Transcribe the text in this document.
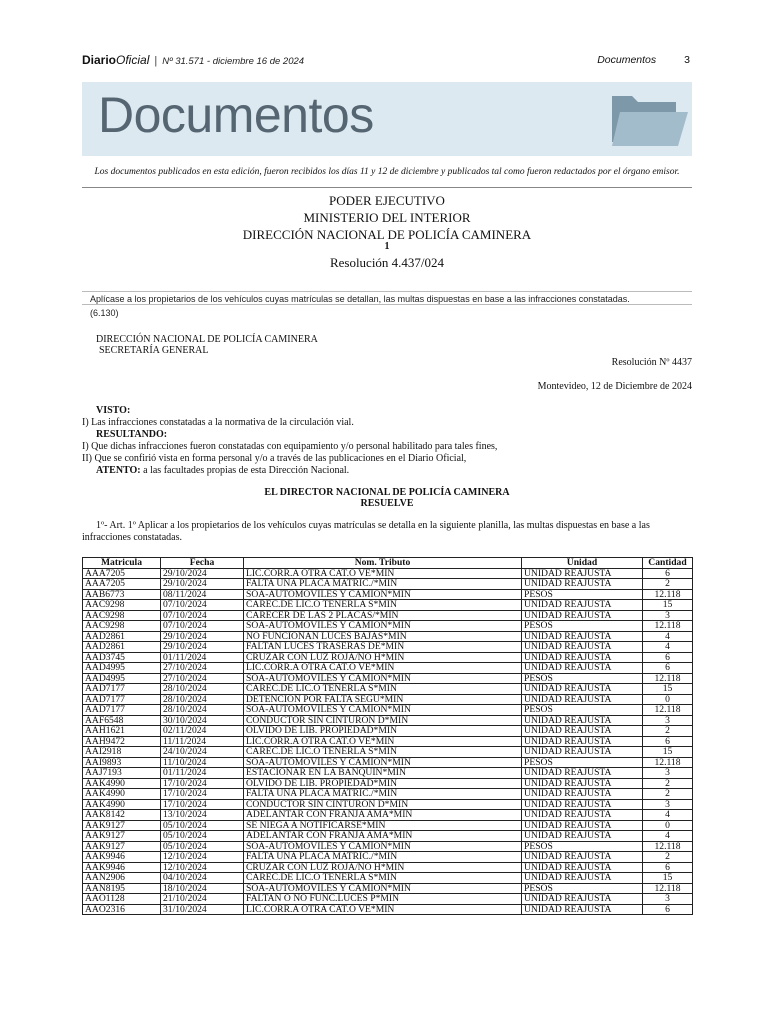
DiarioOficial | Nº 31.571 - diciembre 16 de 2024	Documentos	3
Documentos
Los documentos publicados en esta edición, fueron recibidos los días 11 y 12 de diciembre y publicados tal como fueron redactados por el órgano emisor.
PODER EJECUTIVO
MINISTERIO DEL INTERIOR
DIRECCIÓN NACIONAL DE POLICÍA CAMINERA
1
Resolución 4.437/024
Aplícase a los propietarios de los vehículos cuyas matrículas se detallan, las multas dispuestas en base a las infracciones constatadas.
(6.130)
DIRECCIÓN NACIONAL DE POLICÍA CAMINERA
SECRETARÍA GENERAL
Resolución Nº 4437
Montevideo, 12 de Diciembre de 2024
VISTO:
I) Las infracciones constatadas a la normativa de la circulación vial.
RESULTANDO:
I) Que dichas infracciones fueron constatadas con equipamiento y/o personal habilitado para tales fines,
II) Que se confirió vista en forma personal y/o a través de las publicaciones en el Diario Oficial,
ATENTO: a las facultades propias de esta Dirección Nacional.
EL DIRECTOR NACIONAL DE POLICÍA CAMINERA
RESUELVE
1º- Art. 1º Aplicar a los propietarios de los vehículos cuyas matrículas se detalla en la siguiente planilla, las multas dispuestas en base a las infracciones constatadas.
Matricula	Fecha	Nom. Tributo	Unidad	Cantidad
AAA7205	29/10/2024	LIC.CORR.A OTRA CAT.O VE*MIN	UNIDAD REAJUSTA	6
AAA7205	29/10/2024	FALTA UNA PLACA MATRIC./*MIN	UNIDAD REAJUSTA	2
AAB6773	08/11/2024	SOA-AUTOMOVILES Y CAMION*MIN	PESOS	12.118
AAC9298	07/10/2024	CAREC.DE LIC.O TENERLA S*MIN	UNIDAD REAJUSTA	15
AAC9298	07/10/2024	CARECER DE LAS 2 PLACAS/*MIN	UNIDAD REAJUSTA	3
AAC9298	07/10/2024	SOA-AUTOMOVILES Y CAMION*MIN	PESOS	12.118
AAD2861	29/10/2024	NO FUNCIONAN LUCES BAJAS*MIN	UNIDAD REAJUSTA	4
AAD2861	29/10/2024	FALTAN LUCES TRASERAS DE*MIN	UNIDAD REAJUSTA	4
AAD3745	01/11/2024	CRUZAR CON LUZ ROJA/NO H*MIN	UNIDAD REAJUSTA	6
AAD4995	27/10/2024	LIC.CORR.A OTRA CAT.O VE*MIN	UNIDAD REAJUSTA	6
AAD4995	27/10/2024	SOA-AUTOMOVILES Y CAMION*MIN	PESOS	12.118
AAD7177	28/10/2024	CAREC.DE LIC.O TENERLA S*MIN	UNIDAD REAJUSTA	15
AAD7177	28/10/2024	DETENCION POR FALTA SEGU*MIN	UNIDAD REAJUSTA	0
AAD7177	28/10/2024	SOA-AUTOMOVILES Y CAMION*MIN	PESOS	12.118
AAF6548	30/10/2024	CONDUCTOR SIN CINTURON D*MIN	UNIDAD REAJUSTA	3
AAH1621	02/11/2024	OLVIDO DE LIB. PROPIEDAD*MIN	UNIDAD REAJUSTA	2
AAH9472	11/11/2024	LIC.CORR.A OTRA CAT.O VE*MIN	UNIDAD REAJUSTA	6
AAI2918	24/10/2024	CAREC.DE LIC.O TENERLA S*MIN	UNIDAD REAJUSTA	15
AAI9893	11/10/2024	SOA-AUTOMOVILES Y CAMION*MIN	PESOS	12.118
AAJ7193	01/11/2024	ESTACIONAR EN LA BANQUIN*MIN	UNIDAD REAJUSTA	3
AAK4990	17/10/2024	OLVIDO DE LIB. PROPIEDAD*MIN	UNIDAD REAJUSTA	2
AAK4990	17/10/2024	FALTA UNA PLACA MATRIC./*MIN	UNIDAD REAJUSTA	2
AAK4990	17/10/2024	CONDUCTOR SIN CINTURON D*MIN	UNIDAD REAJUSTA	3
AAK8142	13/10/2024	ADELANTAR CON FRANJA AMA*MIN	UNIDAD REAJUSTA	4
AAK9127	05/10/2024	SE NIEGA A NOTIFICARSE*MIN	UNIDAD REAJUSTA	0
AAK9127	05/10/2024	ADELANTAR CON FRANJA AMA*MIN	UNIDAD REAJUSTA	4
AAK9127	05/10/2024	SOA-AUTOMOVILES Y CAMION*MIN	PESOS	12.118
AAK9946	12/10/2024	FALTA UNA PLACA MATRIC./*MIN	UNIDAD REAJUSTA	2
AAK9946	12/10/2024	CRUZAR CON LUZ ROJA/NO H*MIN	UNIDAD REAJUSTA	6
AAN2906	04/10/2024	CAREC.DE LIC.O TENERLA S*MIN	UNIDAD REAJUSTA	15
AAN8195	18/10/2024	SOA-AUTOMOVILES Y CAMION*MIN	PESOS	12.118
AAO1128	21/10/2024	FALTAN O NO FUNC.LUCES P*MIN	UNIDAD REAJUSTA	3
AAO2316	31/10/2024	LIC.CORR.A OTRA CAT.O VE*MIN	UNIDAD REAJUSTA	6
